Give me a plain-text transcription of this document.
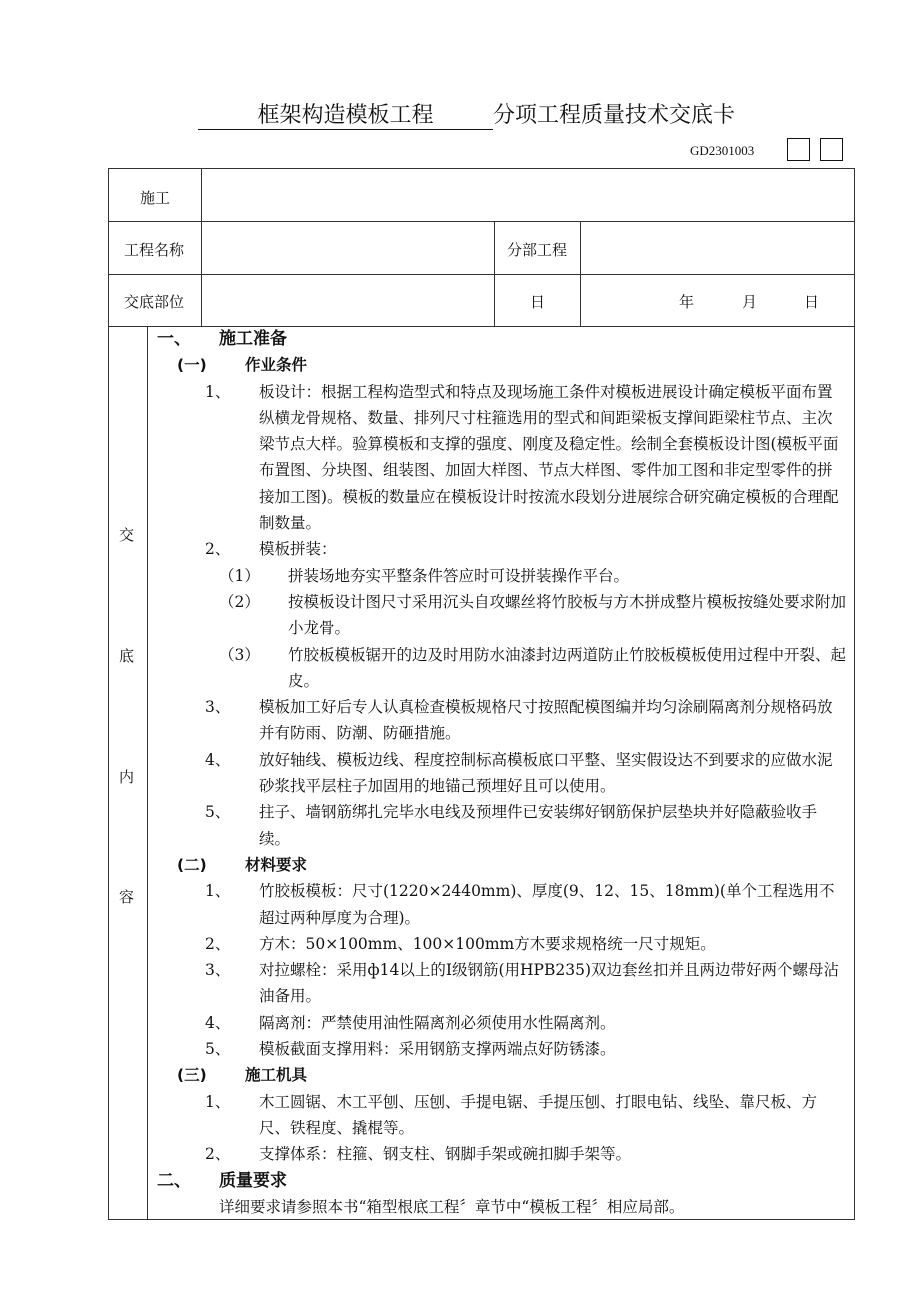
框架构造模板工程	分项工程质量技术交底卡
GD2301003
施工
工程名称	分部工程
交底部位	日	年	月	日
交
底
内
容
一、 施工准备
(一) 作业条件
1、 板设计：根据工程构造型式和特点及现场施工条件对模板进展设计确定模板平面布置纵横龙骨规格、数量、排列尺寸柱箍选用的型式和间距梁板支撑间距梁柱节点、主次梁节点大样。验算模板和支撑的强度、刚度及稳定性。绘制全套模板设计图(模板平面布置图、分块图、组装图、加固大样图、节点大样图、零件加工图和非定型零件的拼接加工图)。模板的数量应在模板设计时按流水段划分进展综合研究确定模板的合理配制数量。
2、 模板拼装：
（1） 拼装场地夯实平整条件答应时可设拼装操作平台。
（2） 按模板设计图尺寸采用沉头自攻螺丝将竹胶板与方木拼成整片模板按缝处要求附加小龙骨。
（3） 竹胶板模板锯开的边及时用防水油漆封边两道防止竹胶板模板使用过程中开裂、起皮。
3、 模板加工好后专人认真检查模板规格尺寸按照配模图编并均匀涂刷隔离剂分规格码放并有防雨、防潮、防砸措施。
4、 放好轴线、模板边线、程度控制标高模板底口平整、坚实假设达不到要求的应做水泥砂浆找平层柱子加固用的地锚己预埋好且可以使用。
5、 拄子、墙钢筋绑扎完毕水电线及预埋件已安装绑好钢筋保护层垫块并好隐蔽验收手续。
(二) 材料要求
1、 竹胶板模板：尺寸(1220×2440mm)、厚度(9、12、15、18mm)(单个工程选用不超过两种厚度为合理)。
2、 方木：50×100mm、100×100mm方木要求规格统一尺寸规矩。
3、 对拉螺栓：采用ф14以上的Ⅰ级钢筋(用HPB235)双边套丝扣并且两边带好两个螺母沾油备用。
4、 隔离剂：严禁使用油性隔离剂必须使用水性隔离剂。
5、 模板截面支撑用料：采用钢筋支撑两端点好防锈漆。
(三) 施工机具
1、 木工圆锯、木工平刨、压刨、手提电锯、手提压刨、打眼电钻、线坠、靠尺板、方尺、铁程度、撬棍等。
2、 支撑体系：柱箍、钢支柱、钢脚手架或碗扣脚手架等。
二、 质量要求
详细要求请参照本书“箱型根底工程〞章节中“模板工程〞相应局部。
